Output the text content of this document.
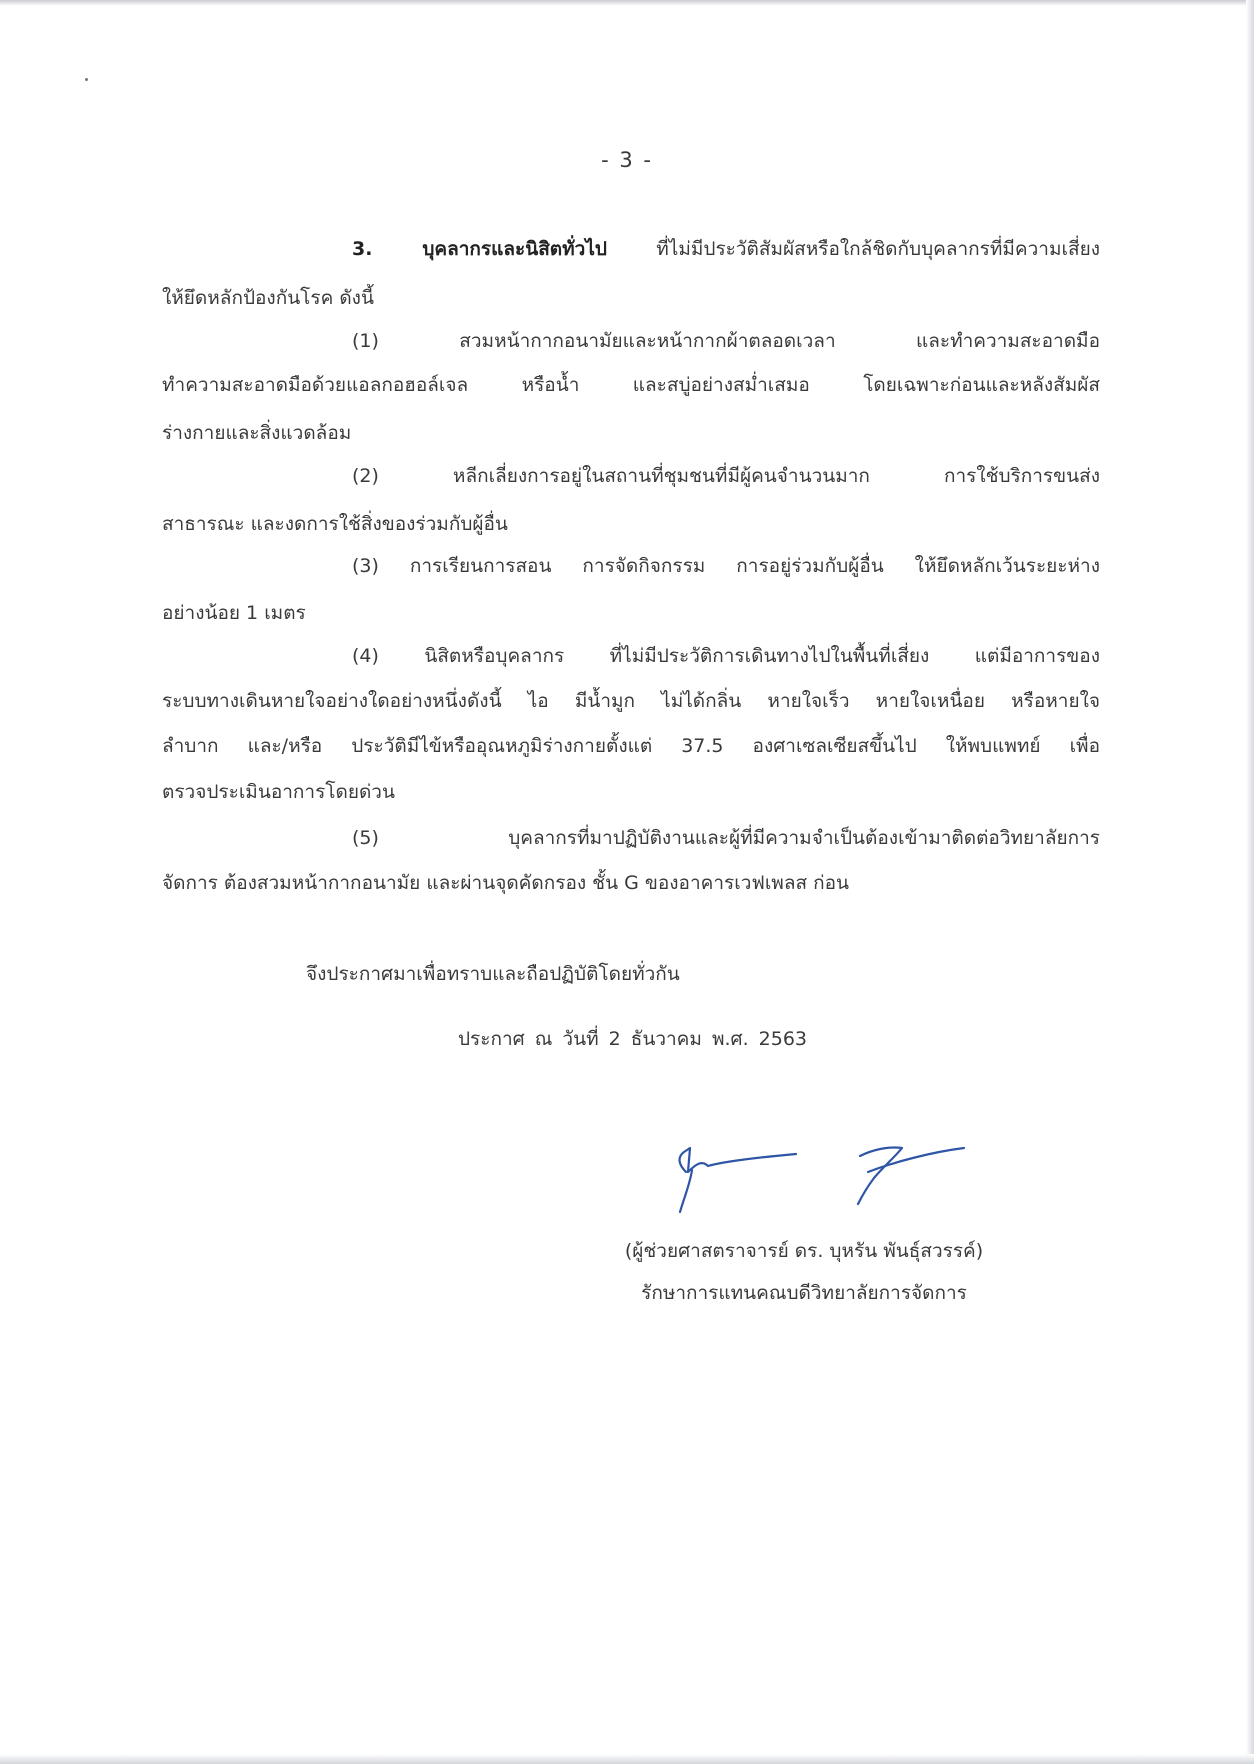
- 3 -
3.	บุคลากรและนิสิตทั่วไป	ที่ไม่มีประวัติสัมผัสหรือใกล้ชิดกับบุคลากรที่มีความเสี่ยง
ให้ยึดหลักป้องกันโรค ดังนี้
(1) สวมหน้ากากอนามัยและหน้ากากผ้าตลอดเวลา และทำความสะอาดมือ
ทำความสะอาดมือด้วยแอลกอฮอล์เจล หรือน้ำ และสบู่อย่างสม่ำเสมอ โดยเฉพาะก่อนและหลังสัมผัส
ร่างกายและสิ่งแวดล้อม
(2) หลีกเลี่ยงการอยู่ในสถานที่ชุมชนที่มีผู้คนจำนวนมาก การใช้บริการขนส่ง
สาธารณะ และงดการใช้สิ่งของร่วมกับผู้อื่น
(3) การเรียนการสอน การจัดกิจกรรม การอยู่ร่วมกับผู้อื่น ให้ยึดหลักเว้นระยะห่าง
อย่างน้อย 1 เมตร
(4) นิสิตหรือบุคลากร ที่ไม่มีประวัติการเดินทางไปในพื้นที่เสี่ยง แต่มีอาการของ
ระบบทางเดินหายใจอย่างใดอย่างหนึ่งดังนี้ ไอ มีน้ำมูก ไม่ได้กลิ่น หายใจเร็ว หายใจเหนื่อย หรือหายใจ
ลำบาก และ/หรือ ประวัติมีไข้หรืออุณหภูมิร่างกายตั้งแต่ 37.5 องศาเซลเซียสขึ้นไป ให้พบแพทย์ เพื่อ
ตรวจประเมินอาการโดยด่วน
(5) บุคลากรที่มาปฏิบัติงานและผู้ที่มีความจำเป็นต้องเข้ามาติดต่อวิทยาลัยการ
จัดการ ต้องสวมหน้ากากอนามัย และผ่านจุดคัดกรอง ชั้น G ของอาคารเวฟเพลส ก่อน
จึงประกาศมาเพื่อทราบและถือปฏิบัติโดยทั่วกัน
ประกาศ ณ วันที่ 2 ธันวาคม พ.ศ. 2563
(ผู้ช่วยศาสตราจารย์ ดร. บุหรัน พันธุ์สวรรค์)
รักษาการแทนคณบดีวิทยาลัยการจัดการ
